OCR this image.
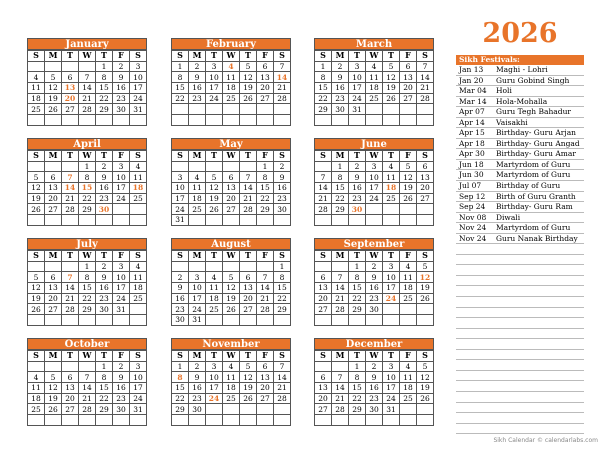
January
S	M	T	W	T	F	S
				1	2	3
4	5	6	7	8	9	10
11	12	13	14	15	16	17
18	19	20	21	22	23	24
25	26	27	28	29	30	31

February
S	M	T	W	T	F	S
1	2	3	4	5	6	7
8	9	10	11	12	13	14
15	16	17	18	19	20	21
22	23	24	25	26	27	28

March
S	M	T	W	T	F	S
1	2	3	4	5	6	7
8	9	10	11	12	13	14
15	16	17	18	19	20	21
22	23	24	25	26	27	28
29	30	31				

April
S	M	T	W	T	F	S
			1	2	3	4
5	6	7	8	9	10	11
12	13	14	15	16	17	18
19	20	21	22	23	24	25
26	27	28	29	30		

May
S	M	T	W	T	F	S
					1	2
3	4	5	6	7	8	9
10	11	12	13	14	15	16
17	18	19	20	21	22	23
24	25	26	27	28	29	30
31						
June
S	M	T	W	T	F	S
	1	2	3	4	5	6
7	8	9	10	11	12	13
14	15	16	17	18	19	20
21	22	23	24	25	26	27
28	29	30				

July
S	M	T	W	T	F	S
			1	2	3	4
5	6	7	8	9	10	11
12	13	14	15	16	17	18
19	20	21	22	23	24	25
26	27	28	29	30	31	

August
S	M	T	W	T	F	S
						1
2	3	4	5	6	7	8
9	10	11	12	13	14	15
16	17	18	19	20	21	22
23	24	25	26	27	28	29
30	31					
September
S	M	T	W	T	F	S
		1	2	3	4	5
6	7	8	9	10	11	12
13	14	15	16	17	18	19
20	21	22	23	24	25	26
27	28	29	30			

October
S	M	T	W	T	F	S
				1	2	3
4	5	6	7	8	9	10
11	12	13	14	15	16	17
18	19	20	21	22	23	24
25	26	27	28	29	30	31

November
S	M	T	W	T	F	S
1	2	3	4	5	6	7
8	9	10	11	12	13	14
15	16	17	18	19	20	21
22	23	24	25	26	27	28
29	30					

December
S	M	T	W	T	F	S
		1	2	3	4	5
6	7	8	9	10	11	12
13	14	15	16	17	18	19
20	21	22	23	24	25	26
27	28	29	30	31		

2026
Sikh Festivals:
Jan 13	Maghi - Lohri
Jan 20	Guru Gobind Singh
Mar 04	Holi
Mar 14	Hola-Mohalla
Apr 07	Guru Tegh Bahadur
Apr 14	Vaisakhi
Apr 15	Birthday- Guru Arjan
Apr 18	Birthday- Guru Angad
Apr 30	Birthday- Guru Amar
Jun 18	Martyrdom of Guru
Jun 30	Martyrdom of Guru
Jul 07	Birthday of Guru
Sep 12	Birth of Guru Granth
Sep 24	Birthday- Guru Ram
Nov 08	Diwali
Nov 24	Martyrdom of Guru
Nov 24	Guru Nanak Birthday
Sikh Calendar © calendarlabs.com
